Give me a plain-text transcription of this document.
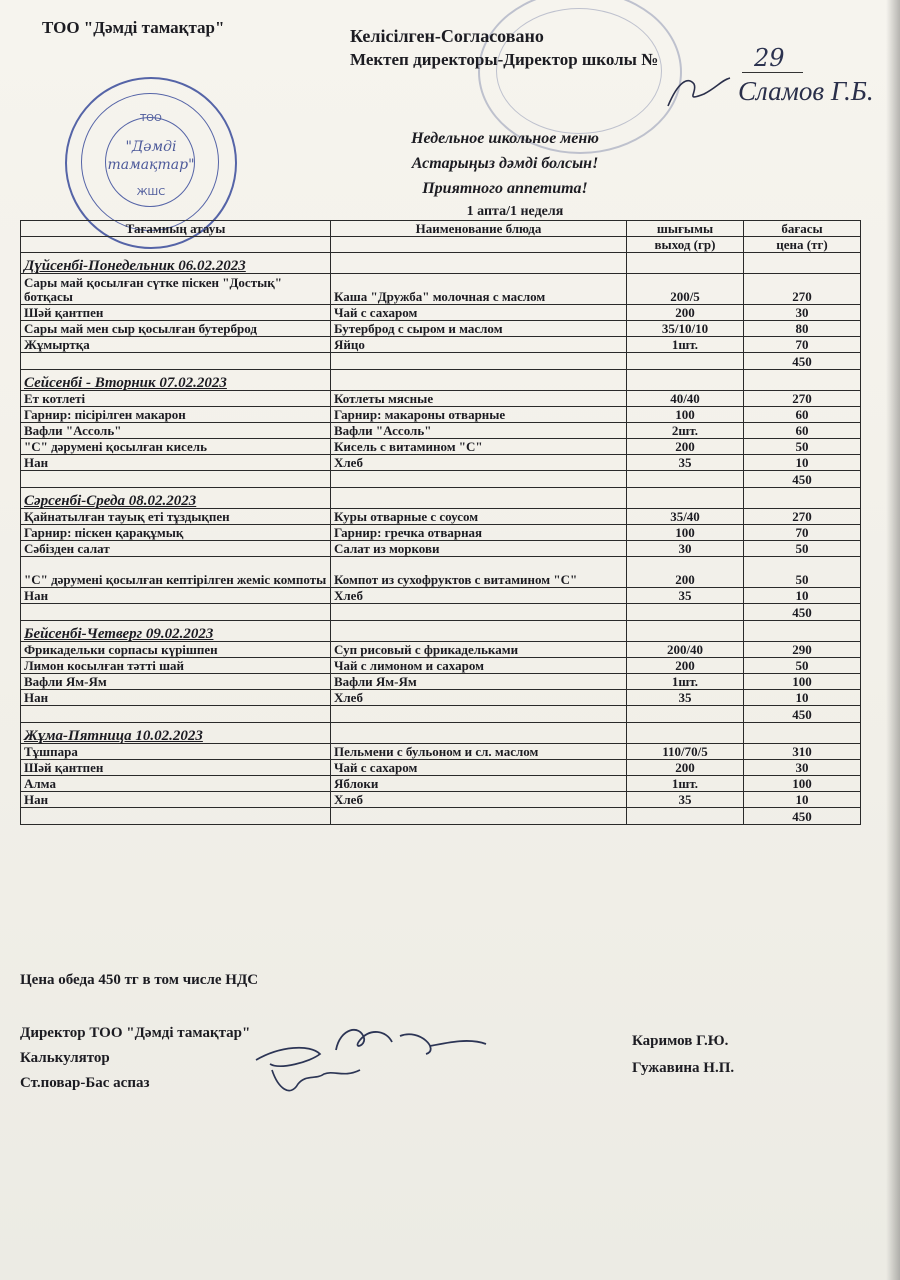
ТОО
"Дәмді
тамақтар"
ЖШС
ТОО "Дәмді тамақтар"	Келісілген-Согласовано
Мектеп директоры-Директор школы №	29
Сламов Г.Б.
Недельное школьное меню
Астарыңыз дәмді болсын!
Приятного аппетита!
1 апта/1 неделя
Тағамның атауы	Наименование блюда	шығымы	бағасы
		выход (гр)	цена (тг)
Дүйсенбі-Понедельник 06.02.2023			
Сары май қосылған сүтке піскен "Достық" ботқасы	Каша "Дружба" молочная с маслом	200/5	270
Шәй қантпен	Чай с сахаром	200	30
Сары май мен сыр қосылған бутерброд	Бутерброд с сыром и маслом	35/10/10	80
Жұмыртқа	Яйцо	1шт.	70
			450
Сейсенбі - Вторник 07.02.2023			
Ет котлеті	Котлеты мясные	40/40	270
Гарнир: пісірілген макарон	Гарнир: макароны отварные	100	60
Вафли "Ассоль"	Вафли "Ассоль"	2шт.	60
"С" дәрумені қосылған кисель	Кисель с витамином "С"	200	50
Нан	Хлеб	35	10
			450
Сәрсенбі-Среда 08.02.2023			
Қайнатылған тауық еті тұздықпен	Куры отварные с соусом	35/40	270
Гарнир: піскен қарақұмық	Гарнир: гречка отварная	100	70
Сәбізден салат	Салат из моркови	30	50
"С" дәрумені қосылған кептірілген жеміс компоты	Компот из сухофруктов с витамином "С"	200	50
Нан	Хлеб	35	10
			450
Бейсенбі-Четверг 09.02.2023			
Фрикадельки сорпасы күрішпен	Суп рисовый с фрикадельками	200/40	290
Лимон косылған тәтті шай	Чай с лимоном и сахаром	200	50
Вафли Ям-Ям	Вафли Ям-Ям	1шт.	100
Нан	Хлеб	35	10
			450
Жұма-Пятница 10.02.2023			
Тұшпара	Пельмени с бульоном и сл. маслом	110/70/5	310
Шәй қантпен	Чай с сахаром	200	30
Алма	Яблоки	1шт.	100
Нан	Хлеб	35	10
			450
Цена обеда 450 тг в том числе НДС
Директор ТОО "Дәмді тамақтар"
Калькулятор
Ст.повар-Бас аспаз
Каримов Г.Ю.
Гужавина Н.П.
